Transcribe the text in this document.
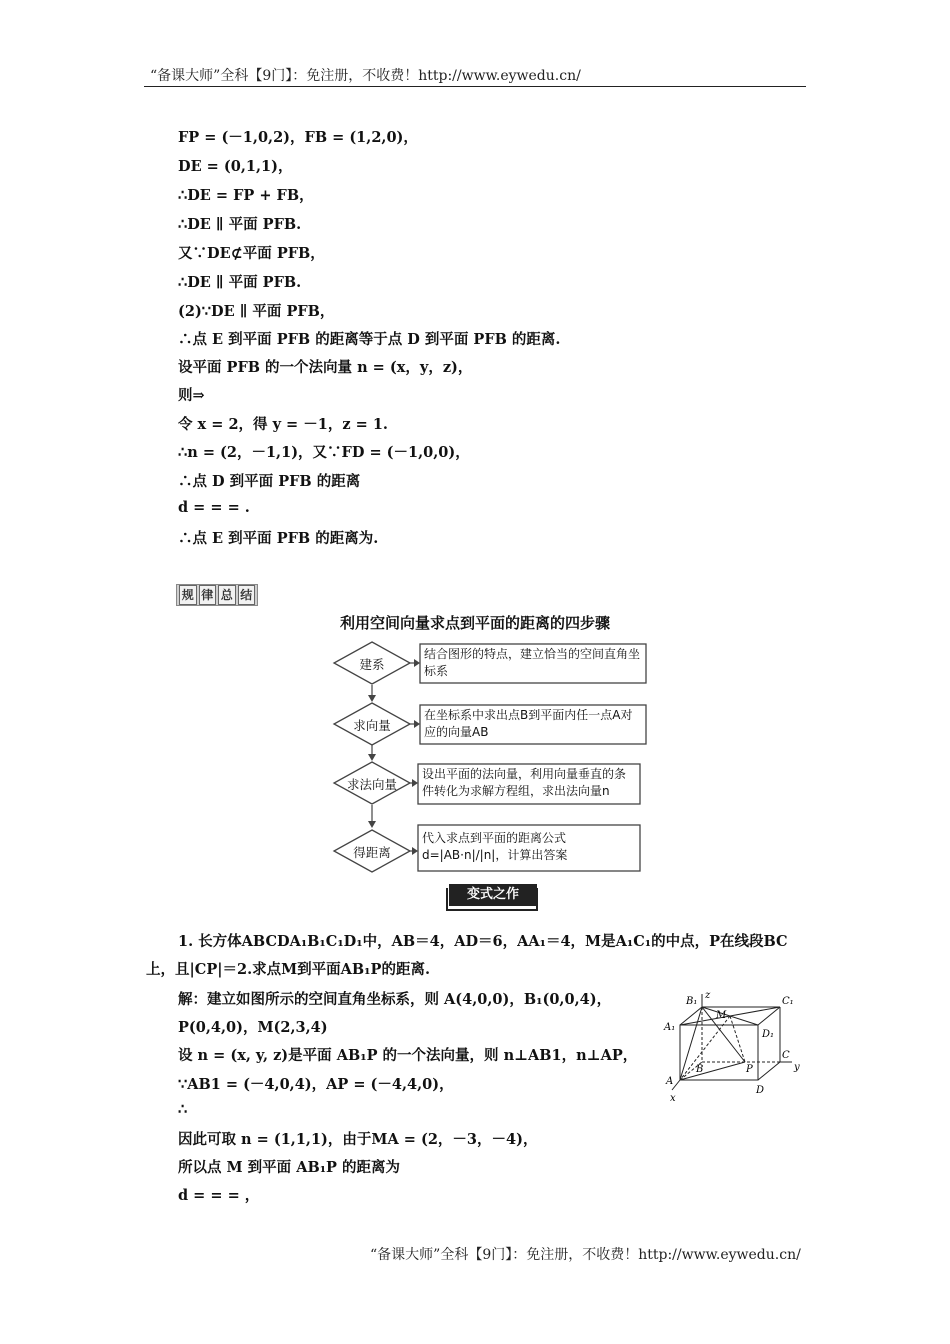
“备课大师”全科【9门】：免注册，不收费！http://www.eywedu.cn/
FP = (－1,0,2)，FB = (1,2,0)，
DE = (0,1,1)，
∴DE = FP + FB，
∴DE ∥ 平面 PFB.
又∵DE⊄平面 PFB，
∴DE ∥ 平面 PFB.
(2)∵DE ∥ 平面 PFB，
∴点 E 到平面 PFB 的距离等于点 D 到平面 PFB 的距离.
设平面 PFB 的一个法向量 n = (x，y，z)，
则⇒
令 x = 2，得 y = －1，z = 1.
∴n = (2，－1,1)，又∵FD = (－1,0,0)，
∴点 D 到平面 PFB 的距离
d = = = .
∴点 E 到平面 PFB 的距离为.
规 律 总 结
利用空间向量求点到平面的距离的四步骤
建系
求向量
求法向量
得距离
结合图形的特点，建立恰当的空间直角坐标系
在坐标系中求出点B到平面内任一点A对应的向量AB
设出平面的法向量，利用向量垂直的条件转化为求解方程组，求出法向量n
代入求点到平面的距离公式d=|AB·n|/|n|，计算出答案
变式之作
1. 长方体ABCDA₁B₁C₁D₁中，AB＝4，AD＝6，AA₁＝4，M是A₁C₁的中点，P在线段BC上，且|CP|＝2.求点M到平面AB₁P的距离.
解：建立如图所示的空间直角坐标系，则 A(4,0,0)，B₁(0,0,4)，
P(0,4,0)，M(2,3,4)
设 n = (x, y, z)是平面 AB₁P 的一个法向量，则 n⊥AB1，n⊥AP，
∵AB1 = (－4,0,4)，AP = (－4,4,0)，
∴
因此可取 n = (1,1,1)，由于MA = (2，－3，－4)，
所以点 M 到平面 AB₁P 的距离为
d = = = ，
B₁
z
C₁
M
A₁
D₁
C
B	P	y
A
x
D
“备课大师”全科【9门】：免注册，不收费！http://www.eywedu.cn/
